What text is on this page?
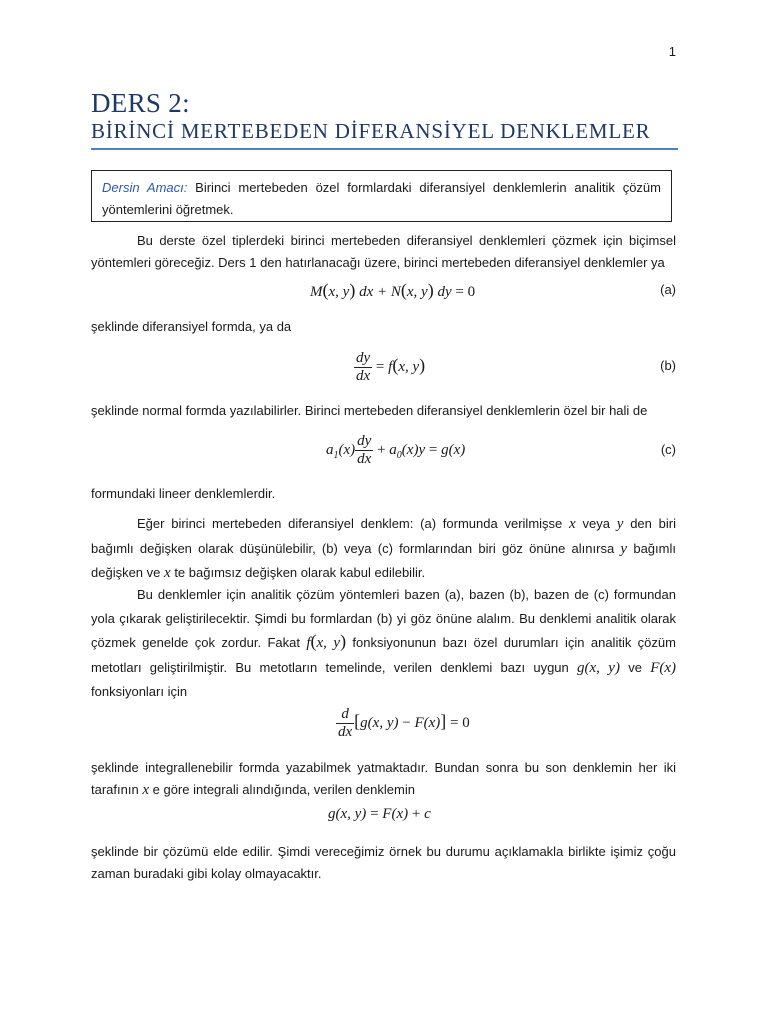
1
DERS 2:
BİRİNCİ MERTEBEDEN DİFERANSİYEL DENKLEMLER
Dersin Amacı: Birinci mertebeden özel formlardaki diferansiyel denklemlerin analitik çözüm yöntemlerini öğretmek.
Bu derste özel tiplerdeki birinci mertebeden diferansiyel denklemleri çözmek için biçimsel yöntemleri göreceğiz. Ders 1 den hatırlanacağı üzere, birinci mertebeden diferansiyel denklemler ya
M(x, y) dx + N(x, y) dy = 0	(a)
şeklinde diferansiyel formda, ya da
$\frac{dy}{dx} = f(x$, y)	(b)
şeklinde normal formda yazılabilirler. Birinci mertebeden diferansiyel denklemlerin özel bir hali de
$a_1(x) \frac{dy}{dx} + a_0(x)y = g(x)$	(c)
formundaki lineer denklemlerdir.
Eğer birinci mertebeden diferansiyel denklem: (a) formunda verilmişse x veya y den biri bağımlı değişken olarak düşünülebilir, (b) veya (c) formlarından biri göz önüne alınırsa y bağımlı değişken ve x te bağımsız değişken olarak kabul edilebilir.
Bu denklemler için analitik çözüm yöntemleri bazen (a), bazen (b), bazen de (c) formundan yola çıkarak geliştirilecektir. Şimdi bu formlardan (b) yi göz önüne alalım. Bu denklemi analitik olarak çözmek genelde çok zordur. Fakat f(x, y) fonksiyonunun bazı özel durumları için analitik çözüm metotları geliştirilmiştir. Bu metotların temelinde, verilen denklemi bazı uygun g(x, y) ve F(x) fonksiyonları için
$\frac{d}{dx} [g(x$, y) − F(x)] = 0
şeklinde integrallenebilir formda yazabilmek yatmaktadır. Bundan sonra bu son denklemin her iki tarafının x e göre integrali alındığında, verilen denklemin
g(x, y) = F(x) + c
şeklinde bir çözümü elde edilir. Şimdi vereceğimiz örnek bu durumu açıklamakla birlikte işimiz çoğu zaman buradaki gibi kolay olmayacaktır.
